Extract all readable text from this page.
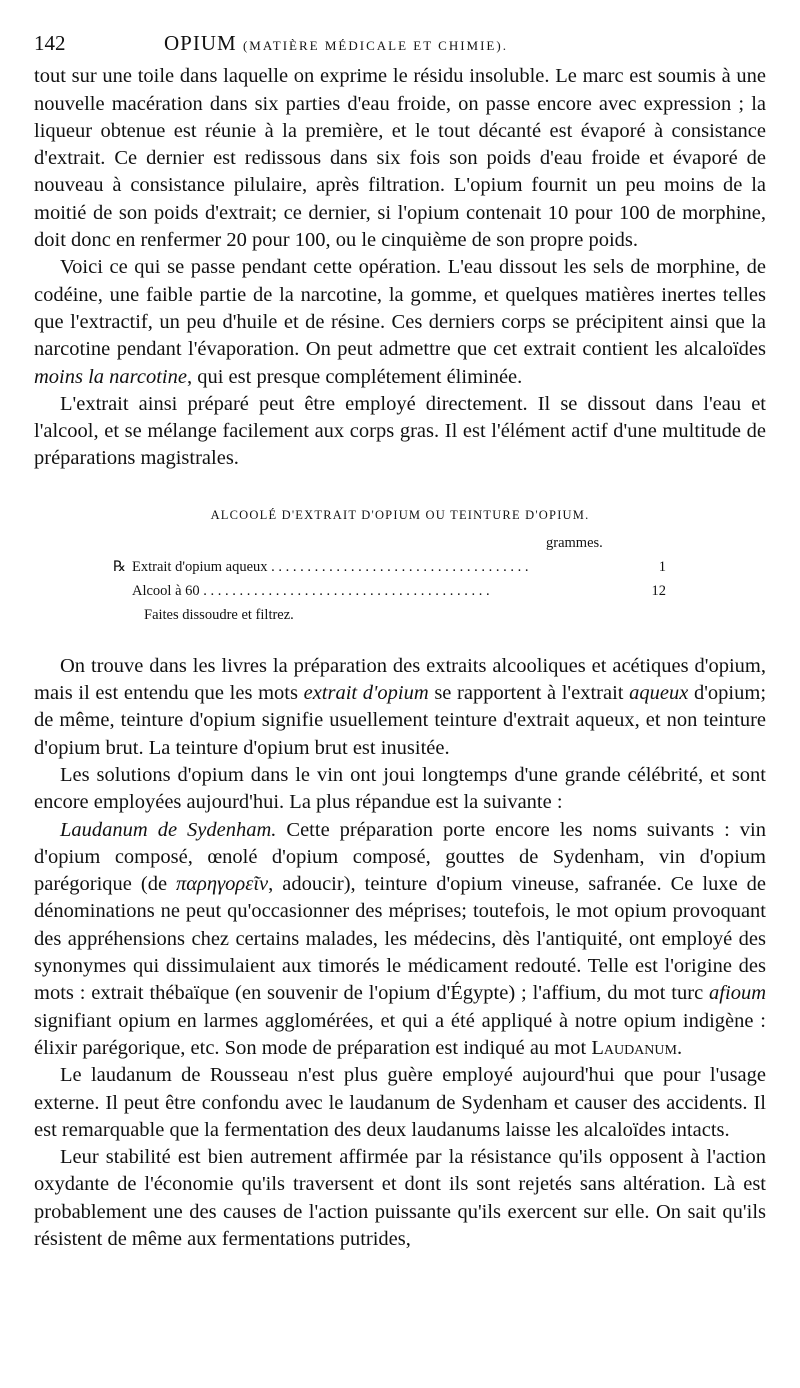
142	OPIUM (MATIÈRE MÉDICALE ET CHIMIE).

tout sur une toile dans laquelle on exprime le résidu insoluble. Le marc est soumis à une nouvelle macération dans six parties d'eau froide, on passe encore avec expression ; la liqueur obtenue est réunie à la première, et le tout décanté est évaporé à consistance d'extrait. Ce dernier est redissous dans six fois son poids d'eau froide et évaporé de nouveau à consistance pilulaire, après filtration. L'opium fournit un peu moins de la moitié de son poids d'extrait; ce dernier, si l'opium contenait 10 pour 100 de morphine, doit donc en renfermer 20 pour 100, ou le cinquième de son propre poids.

Voici ce qui se passe pendant cette opération. L'eau dissout les sels de morphine, de codéine, une faible partie de la narcotine, la gomme, et quelques matières inertes telles que l'extractif, un peu d'huile et de résine. Ces derniers corps se précipitent ainsi que la narcotine pendant l'évaporation. On peut admettre que cet extrait contient les alcaloïdes moins la narcotine, qui est presque complétement éliminée.

L'extrait ainsi préparé peut être employé directement. Il se dissout dans l'eau et l'alcool, et se mélange facilement aux corps gras. Il est l'élément actif d'une multitude de préparations magistrales.

ALCOOLÉ D'EXTRAIT D'OPIUM OU TEINTURE D'OPIUM.
grammes.
℞ Extrait d'opium aqueux . . . . . . . . . . . . . . . . . . . . . . . . . . . . . . . . . . . .	1
Alcool à 60 . . . . . . . . . . . . . . . . . . . . . . . . . . . . . . . . . . . . . . . .	12
Faites dissoudre et filtrez.

On trouve dans les livres la préparation des extraits alcooliques et acétiques d'opium, mais il est entendu que les mots extrait d'opium se rapportent à l'extrait aqueux d'opium; de même, teinture d'opium signifie usuellement teinture d'extrait aqueux, et non teinture d'opium brut. La teinture d'opium brut est inusitée.

Les solutions d'opium dans le vin ont joui longtemps d'une grande célébrité, et sont encore employées aujourd'hui. La plus répandue est la suivante :

Laudanum de Sydenham. Cette préparation porte encore les noms suivants : vin d'opium composé, œnolé d'opium composé, gouttes de Sydenham, vin d'opium parégorique (de παρηγορεῖν, adoucir), teinture d'opium vineuse, safranée. Ce luxe de dénominations ne peut qu'occasionner des méprises; toutefois, le mot opium provoquant des appréhensions chez certains malades, les médecins, dès l'antiquité, ont employé des synonymes qui dissimulaient aux timorés le médicament redouté. Telle est l'origine des mots : extrait thébaïque (en souvenir de l'opium d'Égypte) ; l'affium, du mot turc afioum signifiant opium en larmes agglomérées, et qui a été appliqué à notre opium indigène : élixir parégorique, etc. Son mode de préparation est indiqué au mot Laudanum.

Le laudanum de Rousseau n'est plus guère employé aujourd'hui que pour l'usage externe. Il peut être confondu avec le laudanum de Sydenham et causer des accidents. Il est remarquable que la fermentation des deux laudanums laisse les alcaloïdes intacts.

Leur stabilité est bien autrement affirmée par la résistance qu'ils opposent à l'action oxydante de l'économie qu'ils traversent et dont ils sont rejetés sans altération. Là est probablement une des causes de l'action puissante qu'ils exercent sur elle. On sait qu'ils résistent de même aux fermentations putrides,
